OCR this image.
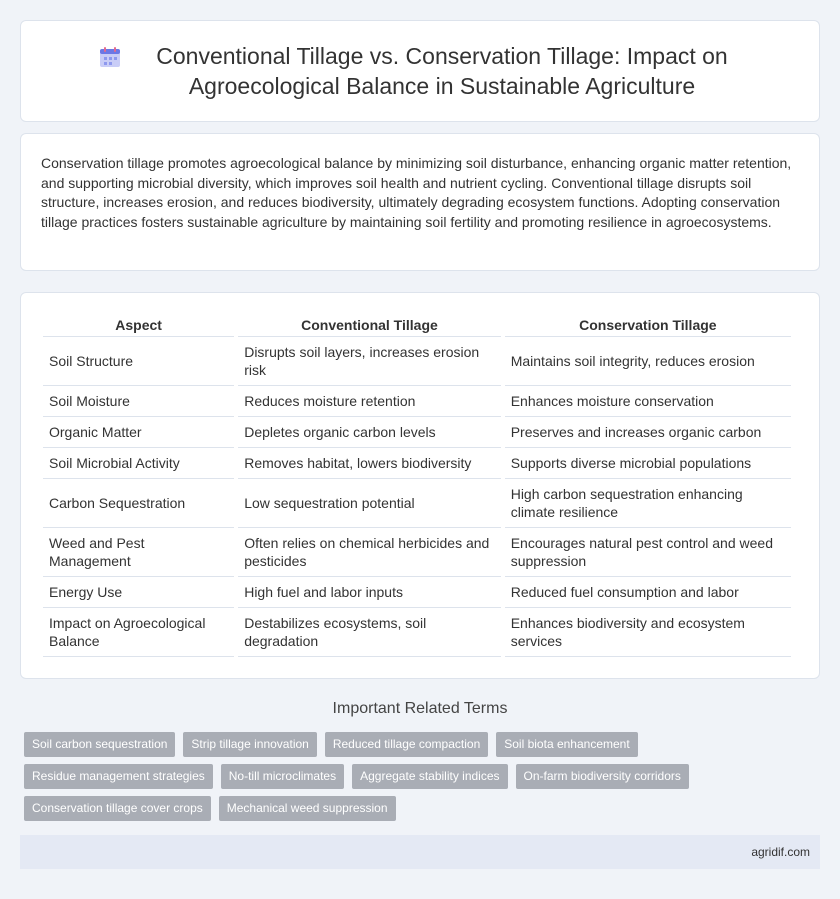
Conventional Tillage vs. Conservation Tillage: Impact on Agroecological Balance in Sustainable Agriculture

Conservation tillage promotes agroecological balance by minimizing soil disturbance, enhancing organic matter retention, and supporting microbial diversity, which improves soil health and nutrient cycling. Conventional tillage disrupts soil structure, increases erosion, and reduces biodiversity, ultimately degrading ecosystem functions. Adopting conservation tillage practices fosters sustainable agriculture by maintaining soil fertility and promoting resilience in agroecosystems.

Aspect	Conventional Tillage	Conservation Tillage
Soil Structure	Disrupts soil layers, increases erosion risk	Maintains soil integrity, reduces erosion
Soil Moisture	Reduces moisture retention	Enhances moisture conservation
Organic Matter	Depletes organic carbon levels	Preserves and increases organic carbon
Soil Microbial Activity	Removes habitat, lowers biodiversity	Supports diverse microbial populations
Carbon Sequestration	Low sequestration potential	High carbon sequestration enhancing climate resilience
Weed and Pest Management	Often relies on chemical herbicides and pesticides	Encourages natural pest control and weed suppression
Energy Use	High fuel and labor inputs	Reduced fuel consumption and labor
Impact on Agroecological Balance	Destabilizes ecosystems, soil degradation	Enhances biodiversity and ecosystem services
Important Related Terms
Soil carbon sequestration	Strip tillage innovation	Reduced tillage compaction	Soil biota enhancement
Residue management strategies	No-till microclimates	Aggregate stability indices	On-farm biodiversity corridors
Conservation tillage cover crops	Mechanical weed suppression
agridif.com
